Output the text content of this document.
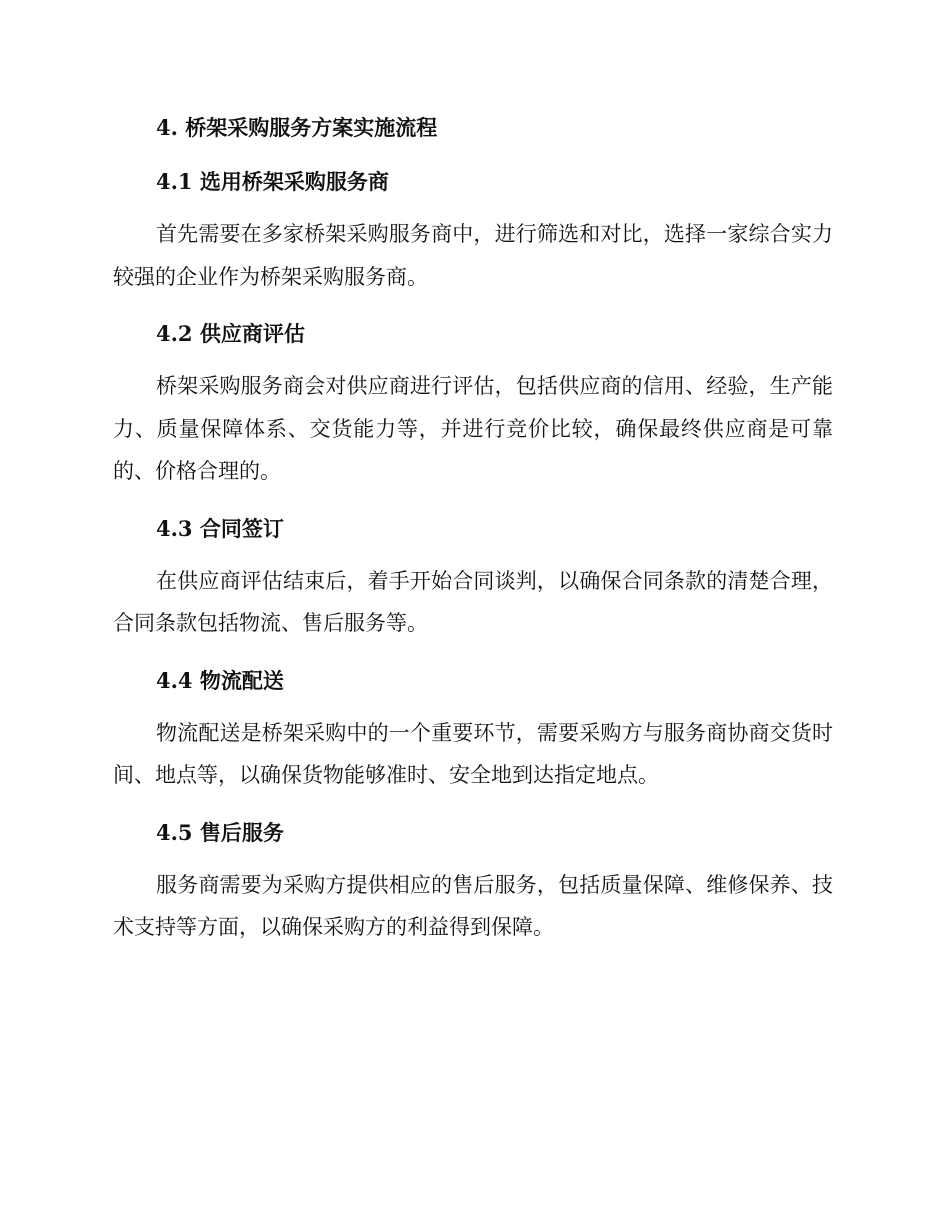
4. 桥架采购服务方案实施流程
4.1 选用桥架采购服务商

首先需要在多家桥架采购服务商中，进行筛选和对比，选择一家综合实力较强的企业作为桥架采购服务商。

4.2 供应商评估

桥架采购服务商会对供应商进行评估，包括供应商的信用、经验，生产能力、质量保障体系、交货能力等，并进行竞价比较，确保最终供应商是可靠的、价格合理的。

4.3 合同签订

在供应商评估结束后，着手开始合同谈判，以确保合同条款的清楚合理，合同条款包括物流、售后服务等。

4.4 物流配送

物流配送是桥架采购中的一个重要环节，需要采购方与服务商协商交货时间、地点等，以确保货物能够准时、安全地到达指定地点。

4.5 售后服务

服务商需要为采购方提供相应的售后服务，包括质量保障、维修保养、技术支持等方面，以确保采购方的利益得到保障。
